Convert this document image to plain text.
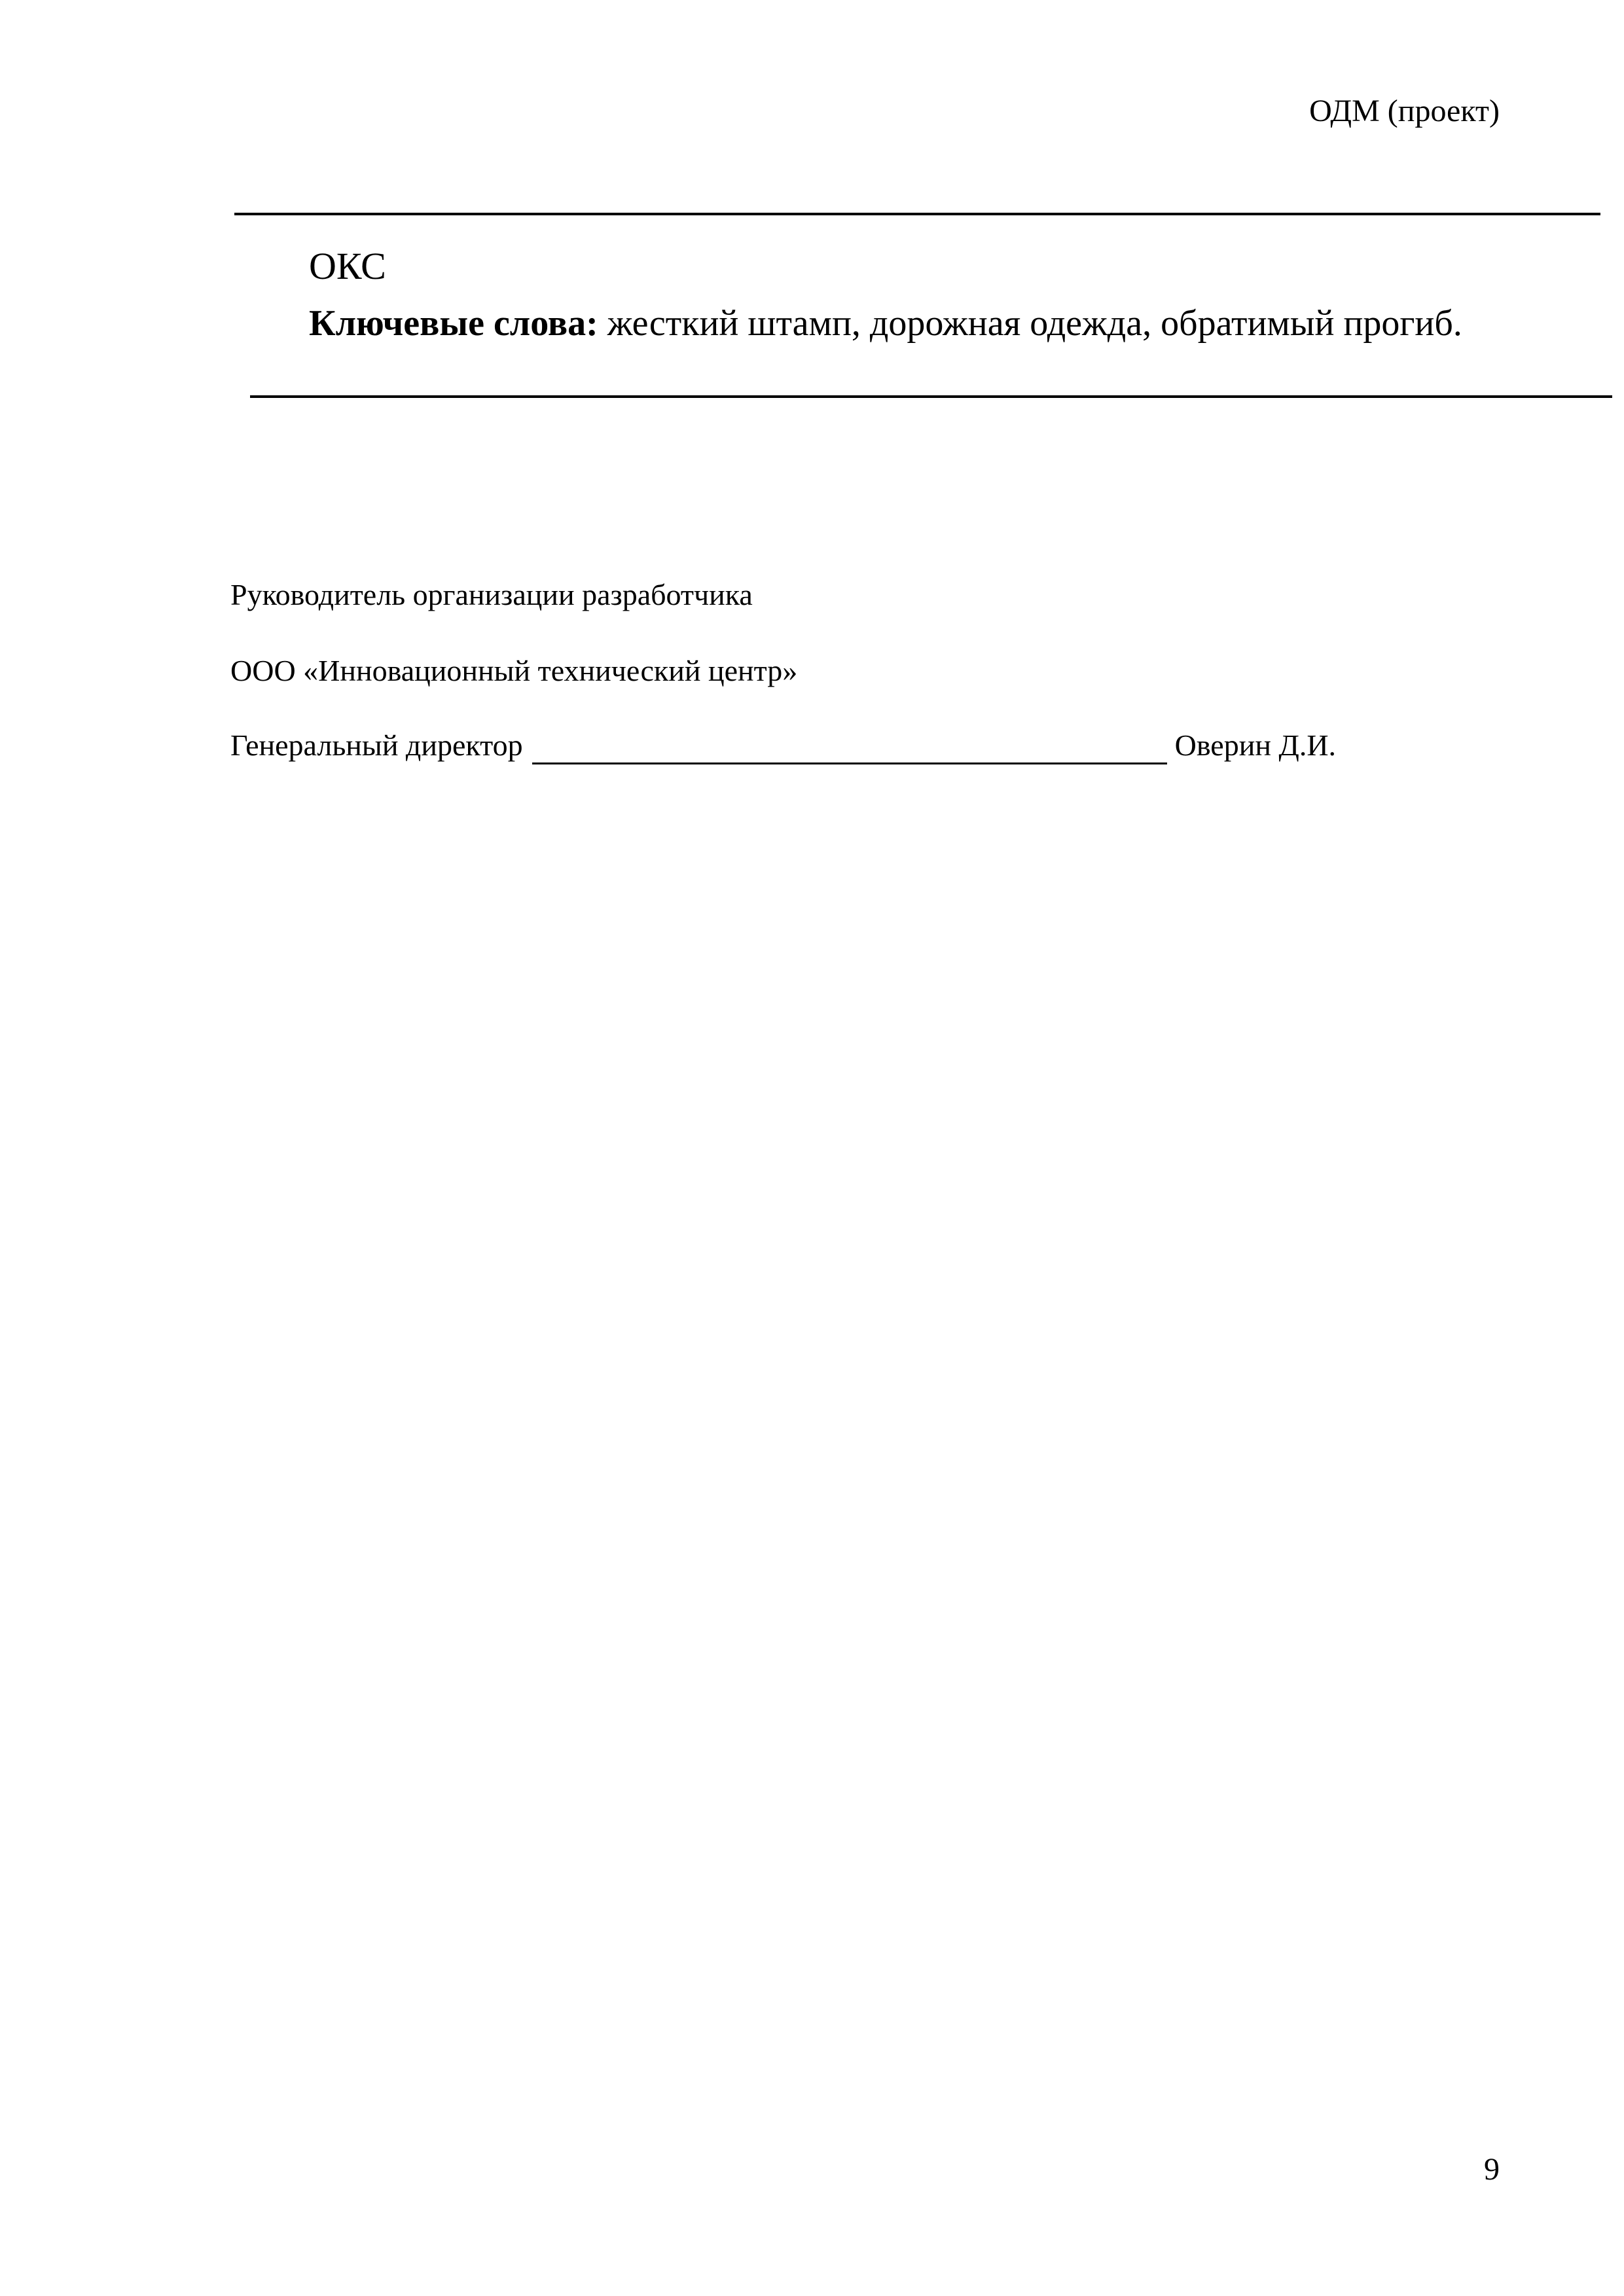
ОДМ (проект)
ОКС
Ключевые слова: жесткий штамп, дорожная одежда, обратимый прогиб.
Руководитель организации разработчика
ООО «Инновационный технический центр»
Генеральный директор	Оверин Д.И.
9
